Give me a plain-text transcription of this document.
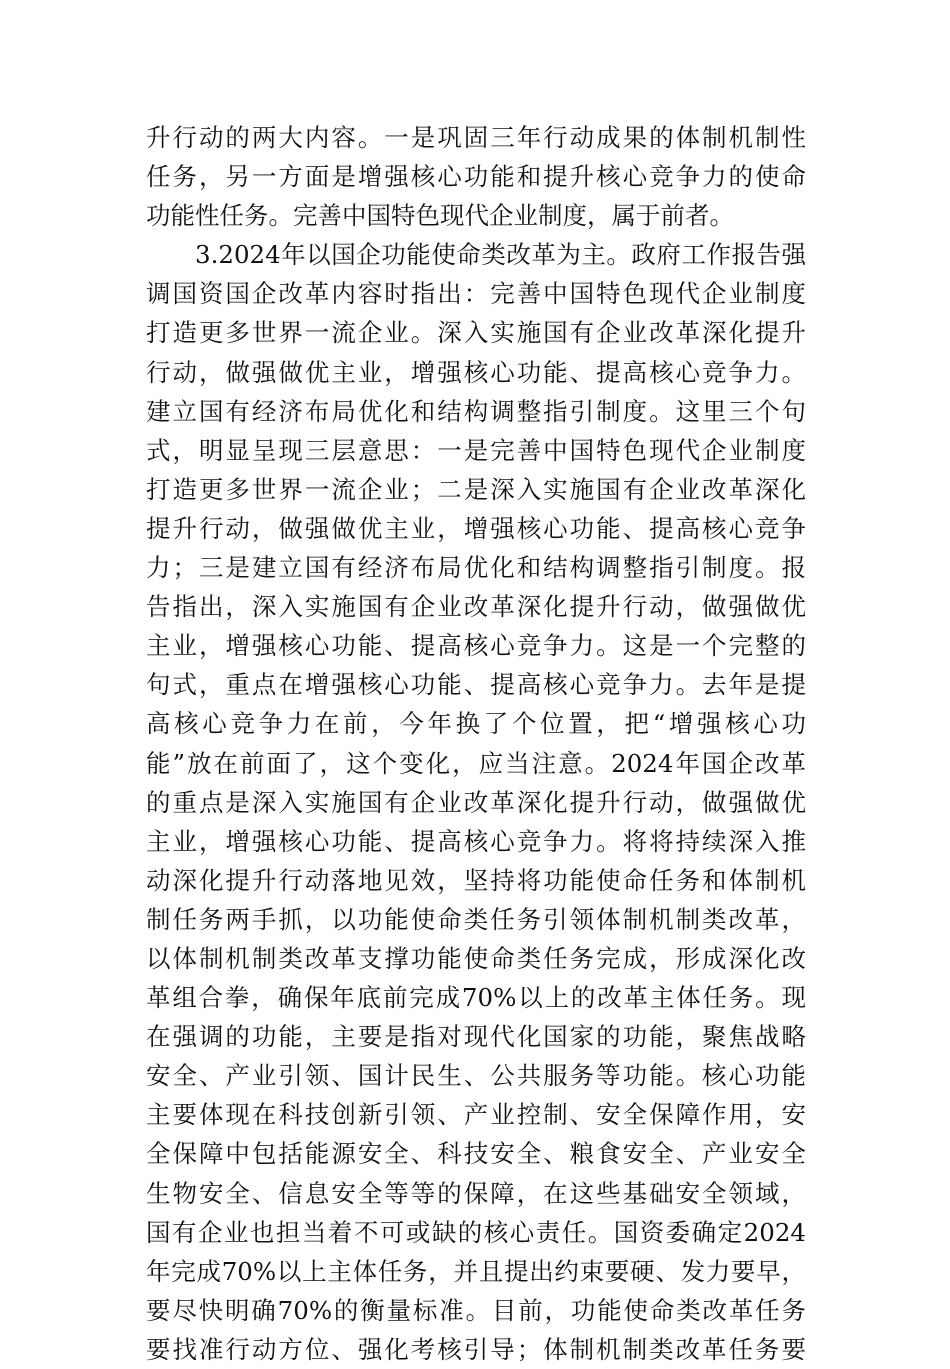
升行动的两大内容。一是巩固三年行动成果的体制机制性
任务，另一方面是增强核心功能和提升核心竞争力的使命
功能性任务。完善中国特色现代企业制度，属于前者。
3.2024年以国企功能使命类改革为主。政府工作报告强
调国资国企改革内容时指出：完善中国特色现代企业制度
打造更多世界一流企业。深入实施国有企业改革深化提升
行动，做强做优主业，增强核心功能、提高核心竞争力。
建立国有经济布局优化和结构调整指引制度。这里三个句
式，明显呈现三层意思：一是完善中国特色现代企业制度
打造更多世界一流企业；二是深入实施国有企业改革深化
提升行动，做强做优主业，增强核心功能、提高核心竞争
力；三是建立国有经济布局优化和结构调整指引制度。报
告指出，深入实施国有企业改革深化提升行动，做强做优
主业，增强核心功能、提高核心竞争力。这是一个完整的
句式，重点在增强核心功能、提高核心竞争力。去年是提
高核心竞争力在前，今年换了个位置，把“增强核心功
能”放在前面了，这个变化，应当注意。2024年国企改革
的重点是深入实施国有企业改革深化提升行动，做强做优
主业，增强核心功能、提高核心竞争力。将将持续深入推
动深化提升行动落地见效，坚持将功能使命任务和体制机
制任务两手抓，以功能使命类任务引领体制机制类改革，
以体制机制类改革支撑功能使命类任务完成，形成深化改
革组合拳，确保年底前完成70%以上的改革主体任务。现
在强调的功能，主要是指对现代化国家的功能，聚焦战略
安全、产业引领、国计民生、公共服务等功能。核心功能
主要体现在科技创新引领、产业控制、安全保障作用，安
全保障中包括能源安全、科技安全、粮食安全、产业安全
生物安全、信息安全等等的保障，在这些基础安全领域，
国有企业也担当着不可或缺的核心责任。国资委确定2024
年完成70%以上主体任务，并且提出约束要硬、发力要早，
要尽快明确70%的衡量标准。目前，功能使命类改革任务
要找准行动方位、强化考核引导；体制机制类改革任务要
